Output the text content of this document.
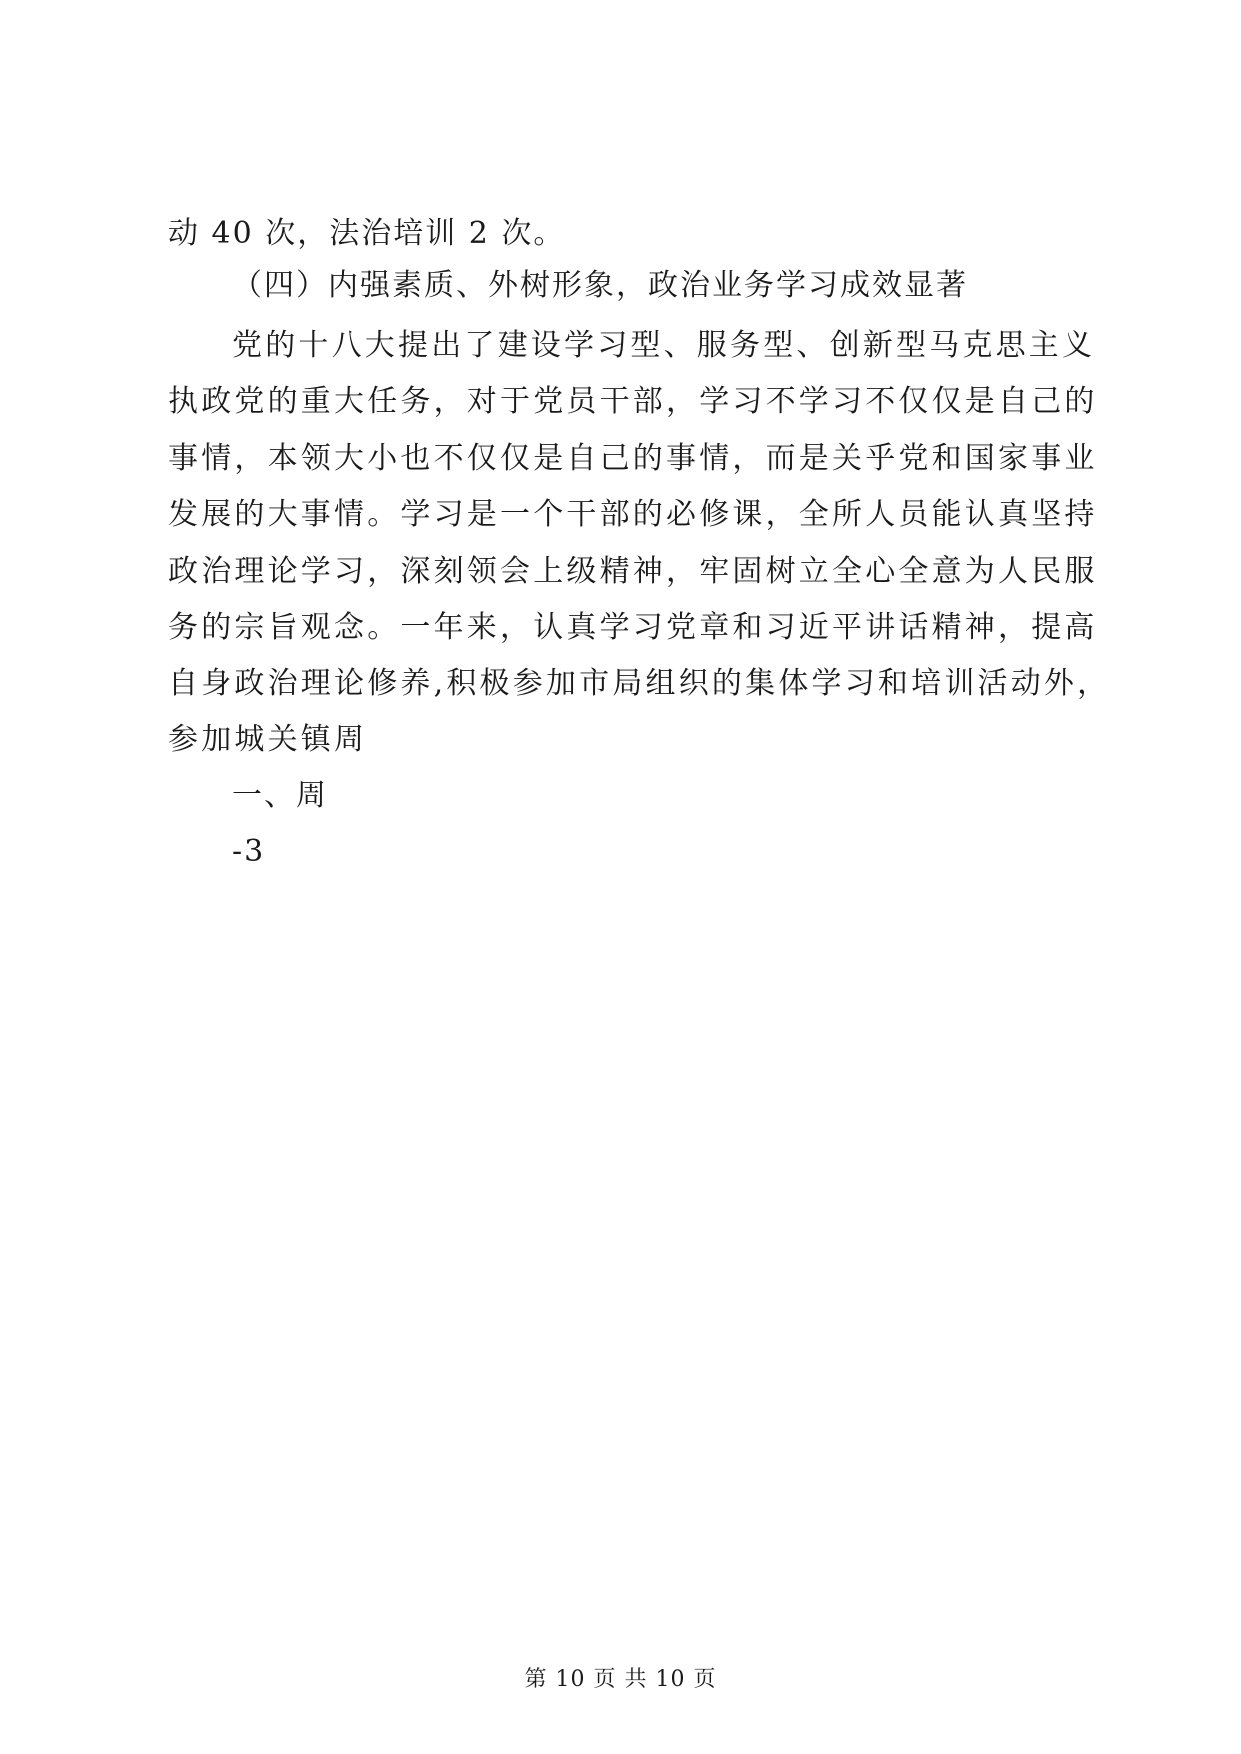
动 40 次，法治培训 2 次。
（四）内强素质、外树形象，政治业务学习成效显著
党的十八大提出了建设学习型、服务型、创新型马克思主义
执政党的重大任务，对于党员干部，学习不学习不仅仅是自己的
事情，本领大小也不仅仅是自己的事情，而是关乎党和国家事业
发展的大事情。学习是一个干部的必修课，全所人员能认真坚持
政治理论学习，深刻领会上级精神，牢固树立全心全意为人民服
务的宗旨观念。一年来，认真学习党章和习近平讲话精神，提高
自身政治理论修养,积极参加市局组织的集体学习和培训活动外，
参加城关镇周
一、周
-3
第 10 页 共 10 页
